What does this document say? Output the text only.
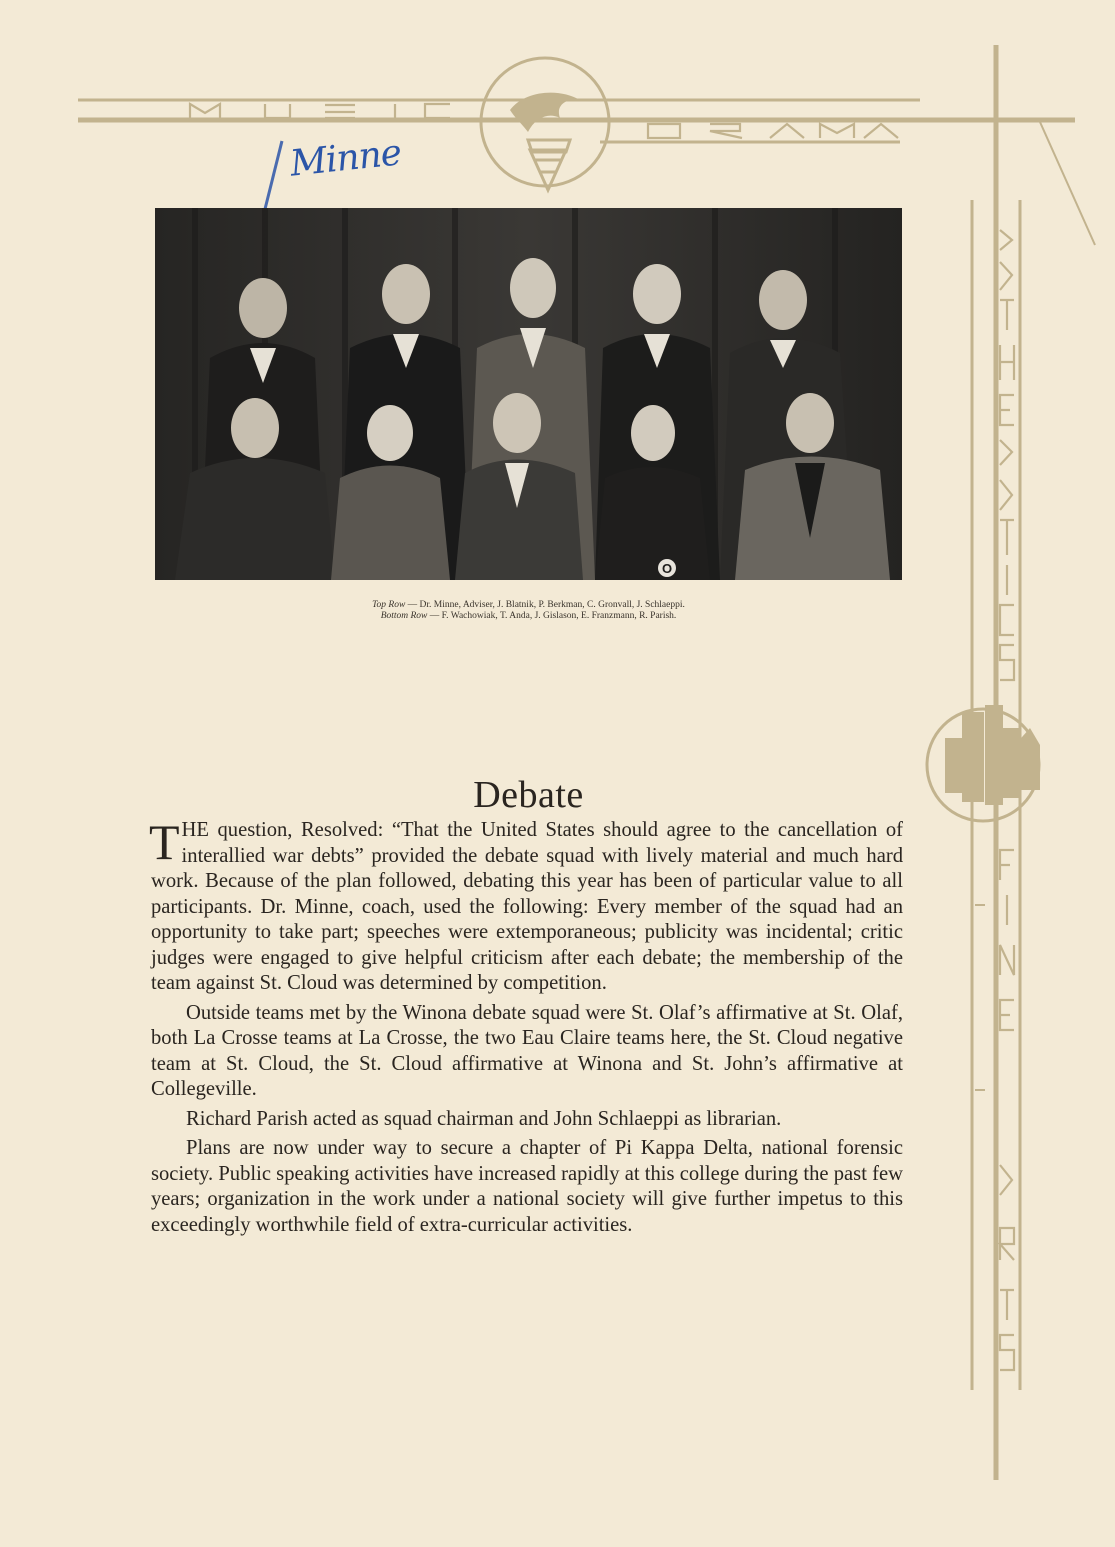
Minne
O
Top Row — Dr. Minne, Adviser, J. Blatnik, P. Berkman, C. Gronvall, J. Schlaeppi.
Bottom Row — F. Wachowiak, T. Anda, J. Gislason, E. Franzmann, R. Parish.
Debate

THE question, Resolved: “That the United States should agree to the cancellation of interallied war debts” provided the debate squad with lively material and much hard work. Because of the plan followed, debating this year has been of particular value to all participants. Dr. Minne, coach, used the following: Every member of the squad had an opportunity to take part; speeches were extemporaneous; publicity was incidental; critic judges were engaged to give helpful criticism after each debate; the membership of the team against St. Cloud was determined by competition.

Outside teams met by the Winona debate squad were St. Olaf’s affirmative at St. Olaf, both La Crosse teams at La Crosse, the two Eau Claire teams here, the St. Cloud negative team at St. Cloud, the St. Cloud affirmative at Winona and St. John’s affirmative at Collegeville.

Richard Parish acted as squad chairman and John Schlaeppi as librarian.

Plans are now under way to secure a chapter of Pi Kappa Delta, national forensic society. Public speaking activities have increased rapidly at this college during the past few years; organization in the work under a national society will give further impetus to this exceedingly worthwhile field of extra-curricular activities.
